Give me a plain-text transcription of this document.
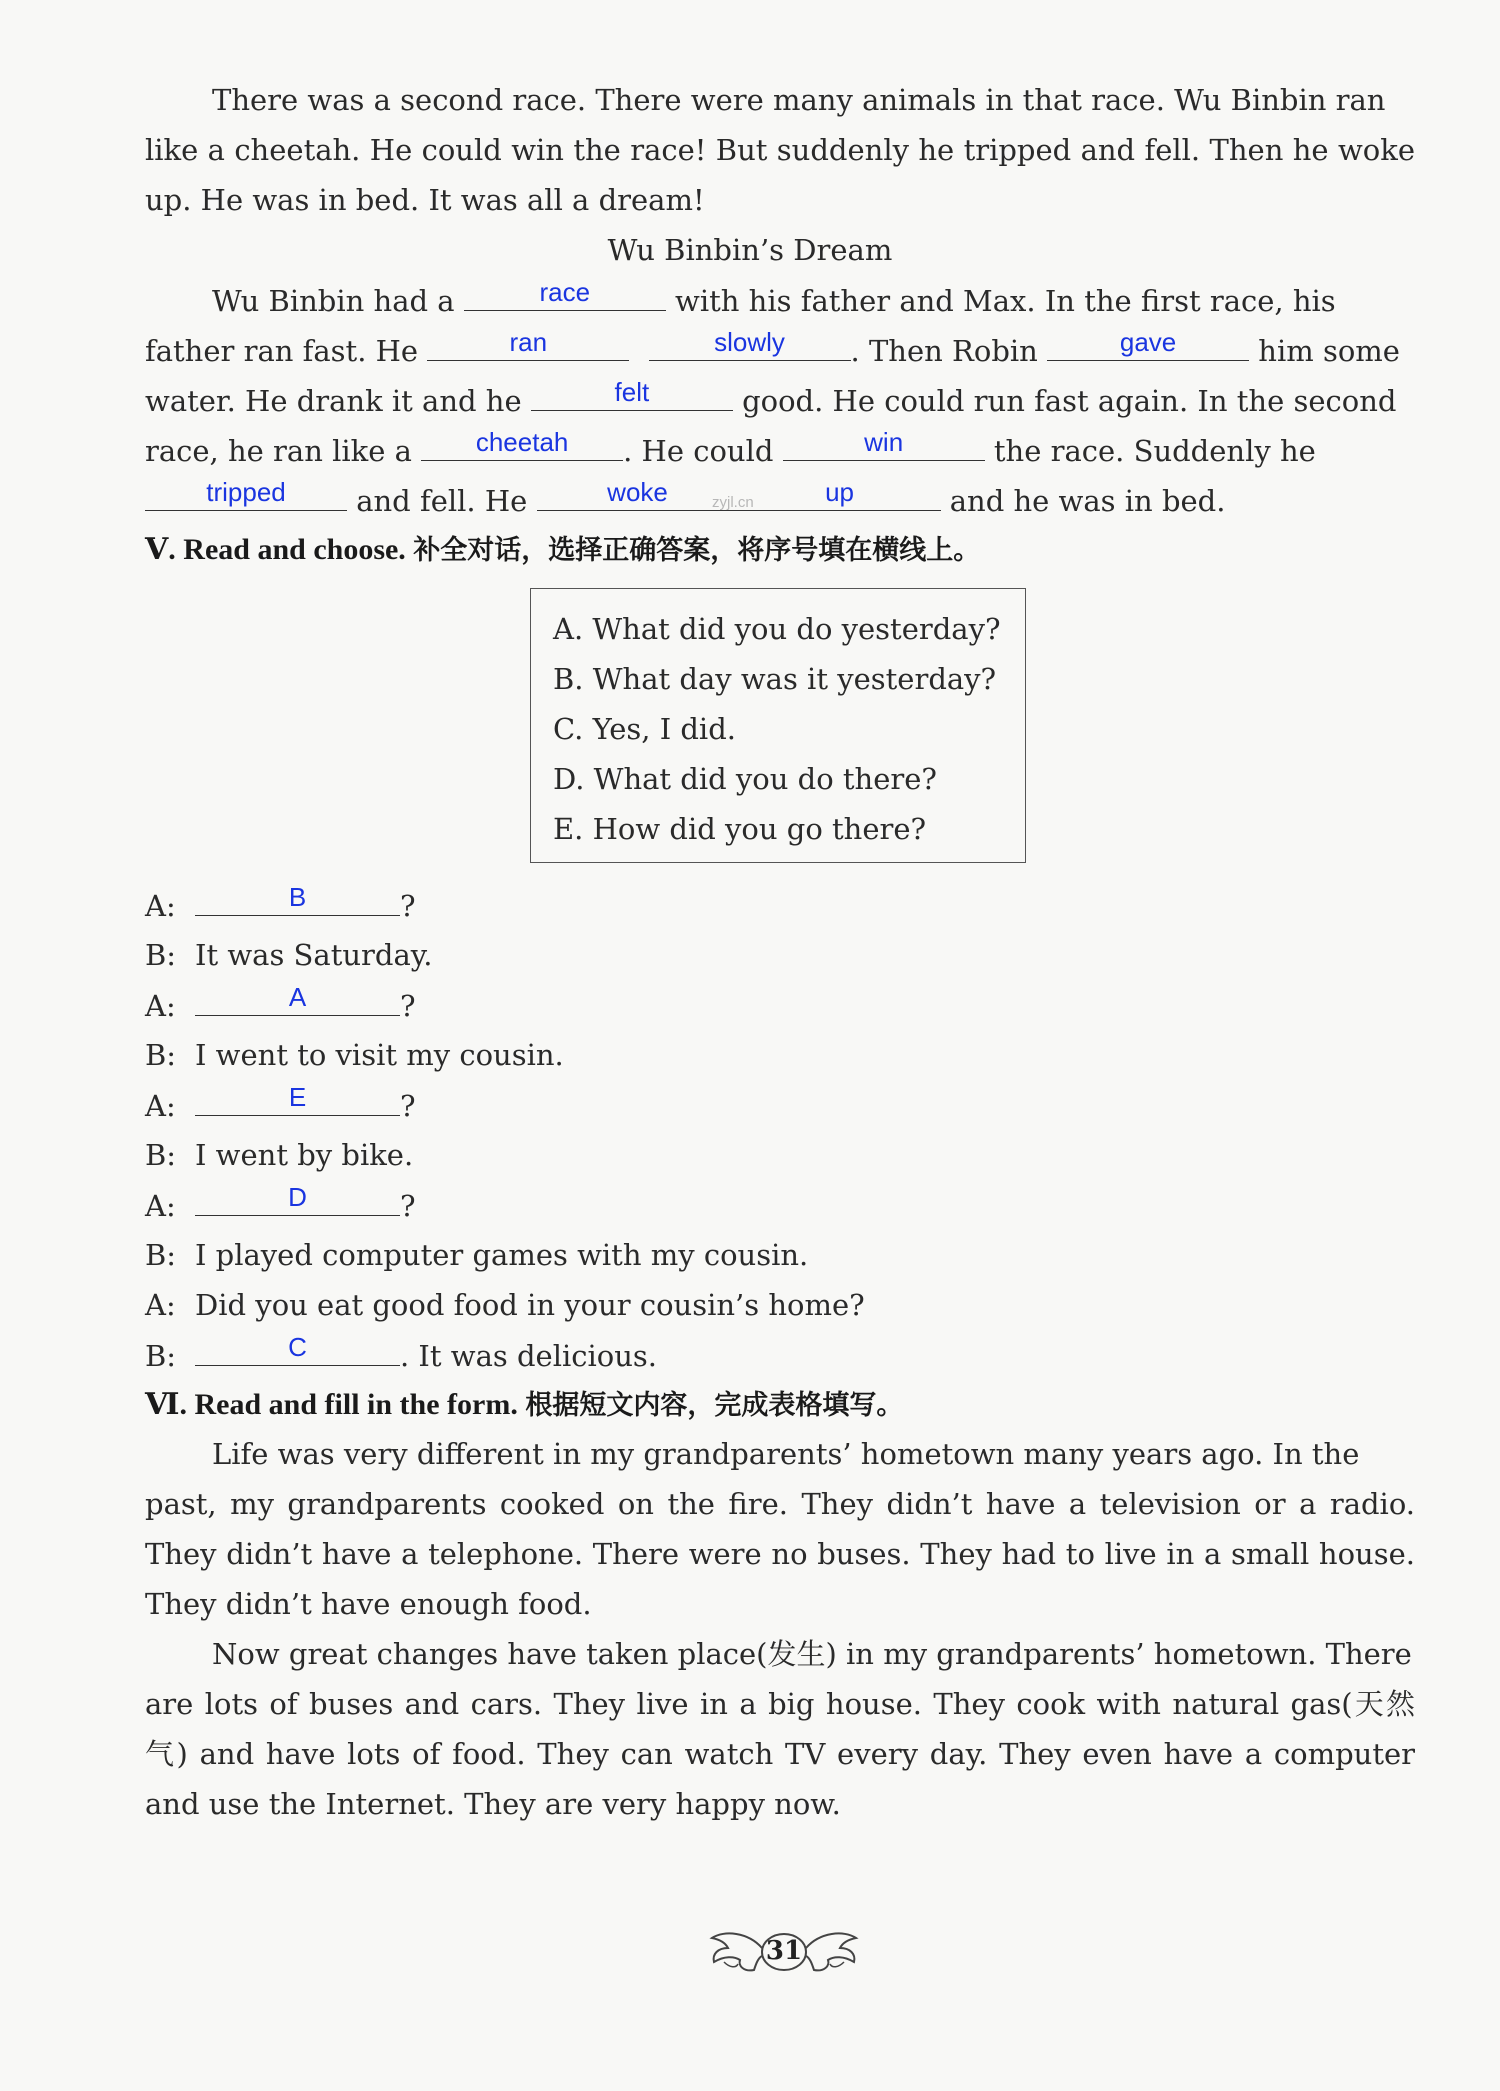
There was a second race. There were many animals in that race. Wu Binbin ran
like a cheetah. He could win the race! But suddenly he tripped and fell. Then he woke
up. He was in bed. It was all a dream!
Wu Binbin’s Dream
Wu Binbin had a	race	with his father and Max. In the first race, his
father ran fast. He	ran
	slowly	. Then Robin	gave	him some
water. He drank it and he	felt	good. He could run fast again. In the second
race, he ran like a	cheetah	. He could	win	the race. Suddenly he
tripped	and fell. He	woke	up	and he was in bed.
zyjl.cn
Ⅴ. Read and choose. 补全对话，选择正确答案，将序号填在横线上。
A. What did you do yesterday?
B. What day was it yesterday?
C. Yes, I did.
D. What did you do there?
E. How did you go there?
A:	B	?
B: It was Saturday.
A:	A	?
B: I went to visit my cousin.
A:	E	?
B: I went by bike.
A:	D	?
B: I played computer games with my cousin.
A: Did you eat good food in your cousin’s home?
B:	C	. It was delicious.
Ⅵ. Read and fill in the form. 根据短文内容，完成表格填写。
Life was very different in my grandparents’ hometown many years ago. In the
past, my grandparents cooked on the fire. They didn’t have a television or a radio.
They didn’t have a telephone. There were no buses. They had to live in a small house.
They didn’t have enough food.
Now great changes have taken place(发生) in my grandparents’ hometown. There
are lots of buses and cars. They live in a big house. They cook with natural gas(天然
气) and have lots of food. They can watch TV every day. They even have a computer
and use the Internet. They are very happy now.
31
